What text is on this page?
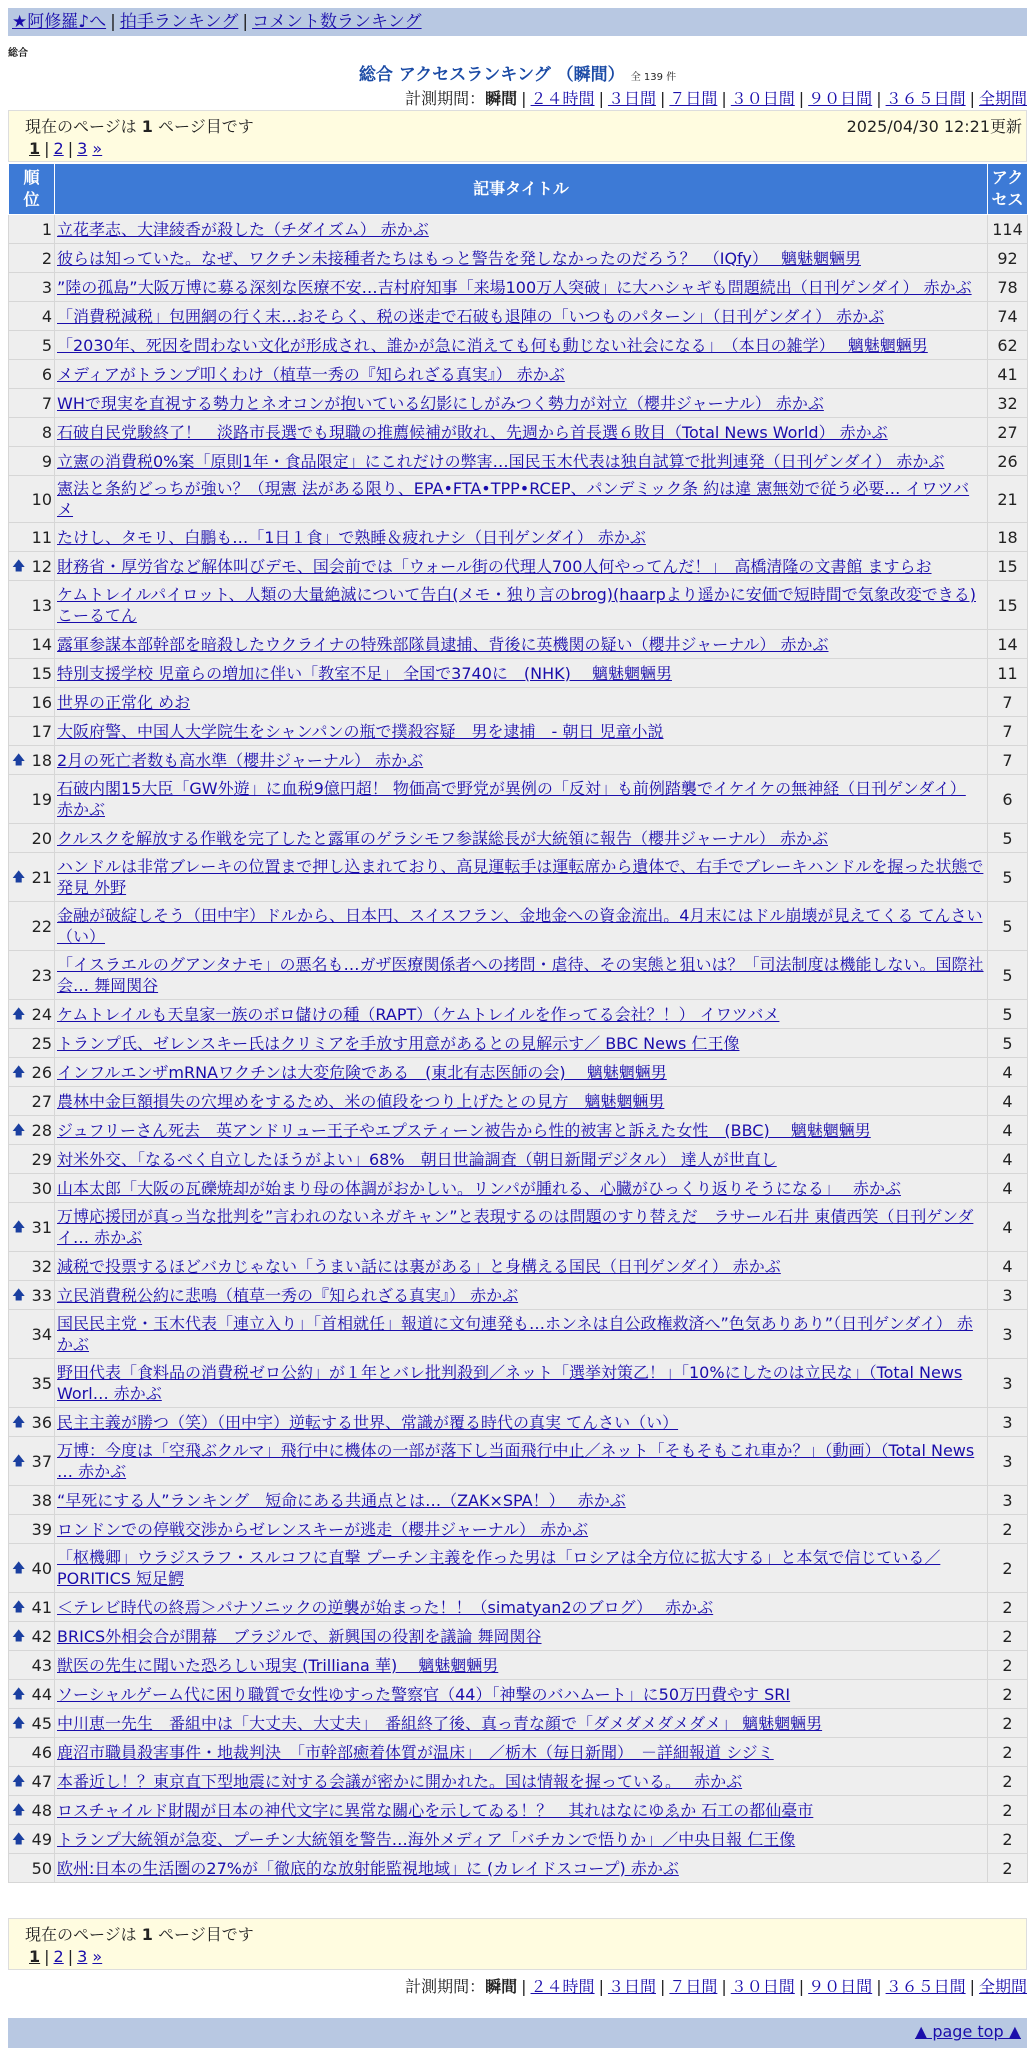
★阿修羅♪へ | 拍手ランキング | コメント数ランキング
総合
総合 アクセスランキング （瞬間） 全 139 件
計測期間：瞬間 | ２４時間 | ３日間 | ７日間 | ３０日間 | ９０日間 | ３６５日間 | 全期間
現在のページは 1 ページ目です	2025/04/30 12:21更新
1 | 2 | 3 »
順
位	記事タイトル	アク
セス
1	立花孝志、大津綾香が殺した（チダイズム） 赤かぶ	114
2	彼らは知っていた。なぜ、ワクチン未接種者たちはもっと警告を発しなかったのだろう？　（IQfy）　 魑魅魍魎男	92
3	”陸の孤島”大阪万博に募る深刻な医療不安…吉村府知事「来場100万人突破」に大ハシャギも問題続出（日刊ゲンダイ） 赤かぶ	78
4	「消費税減税」包囲網の行く末…おそらく、税の迷走で石破も退陣の「いつものパターン」（日刊ゲンダイ） 赤かぶ	74
5	「2030年、死因を問わない文化が形成され、誰かが急に消えても何も動じない社会になる」　（本日の雑学）　 魑魅魍魎男	62
6	メディアがトランプ叩くわけ（植草一秀の『知られざる真実』） 赤かぶ	41
7	WHで現実を直視する勢力とネオコンが抱いている幻影にしがみつく勢力が対立（櫻井ジャーナル） 赤かぶ	32
8	石破自民党駿終了！　淡路市長選でも現職の推薦候補が敗れ、先週から首長選６敗目（Total News World） 赤かぶ	27
9	立憲の消費税0%案「原則1年・食品限定」にこれだけの弊害…国民玉木代表は独自試算で批判連発（日刊ゲンダイ） 赤かぶ	26
10	憲法と条約どっちが強い？（現憲 法がある限り、EPA•FTA•TPP•RCEP、パンデミック条 約は違 憲無効で従う必要… イワツバメ	21
11	たけし、タモリ、白鵬も…「1日１食」で熟睡＆疲れナシ（日刊ゲンダイ） 赤かぶ	18

🡅 12	財務省・厚労省など解体叫びデモ、国会前では「ウォール街の代理人700人何やってんだ！」　高橋清隆の文書館 ますらお	15
13	ケムトレイルパイロット、人類の大量絶滅について告白(メモ・独り言のbrog)(haarpより遥かに安価で短時間で気象改変できる) こーるてん	15
14	露軍参謀本部幹部を暗殺したウクライナの特殊部隊員逮捕、背後に英機関の疑い（櫻井ジャーナル） 赤かぶ	14
15	特別支援学校 児童らの増加に伴い「教室不足」 全国で3740に　(NHK)　 魑魅魍魎男	11
16	世界の正常化 めお	7
17	大阪府警、中国人大学院生をシャンパンの瓶で撲殺容疑　男を逮捕　- 朝日 児童小説	7

🡅 18	2月の死亡者数も高水準（櫻井ジャーナル） 赤かぶ	7
19	石破内閣15大臣「GW外遊」に血税9億円超！ 物価高で野党が異例の「反対」も前例踏襲でイケイケの無神経（日刊ゲンダイ） 赤かぶ	6
20	クルスクを解放する作戦を完了したと露軍のゲラシモフ参謀総長が大統領に報告（櫻井ジャーナル） 赤かぶ	5

🡅 21	ハンドルは非常ブレーキの位置まで押し込まれており、高見運転手は運転席から遺体で、右手でブレーキハンドルを握った状態で発見 外野	5
22	金融が破綻しそう（田中宇）ドルから、日本円、スイスフラン、金地金への資金流出。4月末にはドル崩壊が見えてくる てんさい（い）	5
23	「イスラエルのグアンタナモ」の悪名も…ガザ医療関係者への拷問・虐待、その実態と狙いは？「司法制度は機能しない。国際社会… 舞岡関谷	5

🡅 24	ケムトレイルも天皇家一族のボロ儲けの種（RAPT）（ケムトレイルを作ってる会社？！） イワツバメ	5
25	トランプ氏、ゼレンスキー氏はクリミアを手放す用意があるとの見解示す／ BBC News 仁王像	5

🡅 26	インフルエンザmRNAワクチンは大変危険である　(東北有志医師の会)　 魑魅魍魎男	4
27	農林中金巨額損失の穴埋めをするため、米の値段をつり上げたとの見方　魑魅魍魎男	4

🡅 28	ジュフリーさん死去　英アンドリュー王子やエプスティーン被告から性的被害と訴えた女性　(BBC)　 魑魅魍魎男	4
29	対米外交、「なるべく自立したほうがよい」68%　朝日世論調査（朝日新聞デジタル） 達人が世直し	4
30	山本太郎「大阪の瓦礫焼却が始まり母の体調がおかしい。リンパが腫れる、心臓がひっくり返りそうになる」　 赤かぶ	4

🡅 31	万博応援団が真っ当な批判を”言われのないネガキャン”と表現するのは問題のすり替えだ　ラサール石井 東債西笑（日刊ゲンダイ… 赤かぶ	4
32	減税で投票するほどバカじゃない「うまい話には裏がある」と身構える国民（日刊ゲンダイ） 赤かぶ	4

🡅 33	立民消費税公約に悲鳴（植草一秀の『知られざる真実』） 赤かぶ	3
34	国民民主党・玉木代表「連立入り」「首相就任」報道に文句連発も…ホンネは自公政権救済へ”色気ありあり”（日刊ゲンダイ） 赤かぶ	3
35	野田代表「食料品の消費税ゼロ公約」が１年とバレ批判殺到／ネット「選挙対策乙！」「10%にしたのは立民な」（Total News Worl… 赤かぶ	3

🡅 36	民主主義が勝つ（笑）（田中宇）逆転する世界、常識が覆る時代の真実 てんさい（い）	3

🡅 37	万博：今度は「空飛ぶクルマ」飛行中に機体の一部が落下し当面飛行中止／ネット「そもそもこれ車か？」（動画）（Total News … 赤かぶ	3
38	“早死にする人”ランキング　短命にある共通点とは…（ZAK×SPA！）　 赤かぶ	3
39	ロンドンでの停戦交渉からゼレンスキーが逃走（櫻井ジャーナル） 赤かぶ	2

🡅 40	「枢機卿」ウラジスラフ・スルコフに直撃 プーチン主義を作った男は「ロシアは全方位に拡大する」と本気で信じている／PORITICS 短足鰐	2

🡅 41	＜テレビ時代の終焉＞パナソニックの逆襲が始まった！！（simatyan2のブログ）　 赤かぶ	2

🡅 42	BRICS外相会合が開幕　ブラジルで、新興国の役割を議論 舞岡関谷	2
43	獣医の先生に聞いた恐ろしい現実 (Trilliana 華)　 魑魅魍魎男	2

🡅 44	ソーシャルゲーム代に困り職質で女性ゆすった警察官（44）「神撃のバハムート」に50万円費やす SRI	2

🡅 45	中川恵一先生　番組中は「大丈夫、大丈夫」　番組終了後、真っ青な顔で「ダメダメダメダメ」 魑魅魍魎男	2
46	鹿沼市職員殺害事件・地裁判決　「市幹部癒着体質が温床」　／栃木（毎日新聞）　－詳細報道 シジミ	2

🡅 47	本番近し！？東京直下型地震に対する会議が密かに開かれた。国は情報を握っている。　 赤かぶ	2

🡅 48	ロスチャイルド財閥が日本の神代文字に異常な關心を示してゐる！？　其れはなにゆゑか 石工の都仙臺市	2

🡅 49	トランプ大統領が急変、プーチン大統領を警告…海外メディア「バチカンで悟りか」／中央日報 仁王像	2
50	欧州:日本の生活圏の27%が「徹底的な放射能監視地域」に (カレイドスコープ) 赤かぶ	2
現在のページは 1 ページ目です
1 | 2 | 3 »
計測期間：瞬間 | ２４時間 | ３日間 | ７日間 | ３０日間 | ９０日間 | ３６５日間 | 全期間
▲ page top ▲
